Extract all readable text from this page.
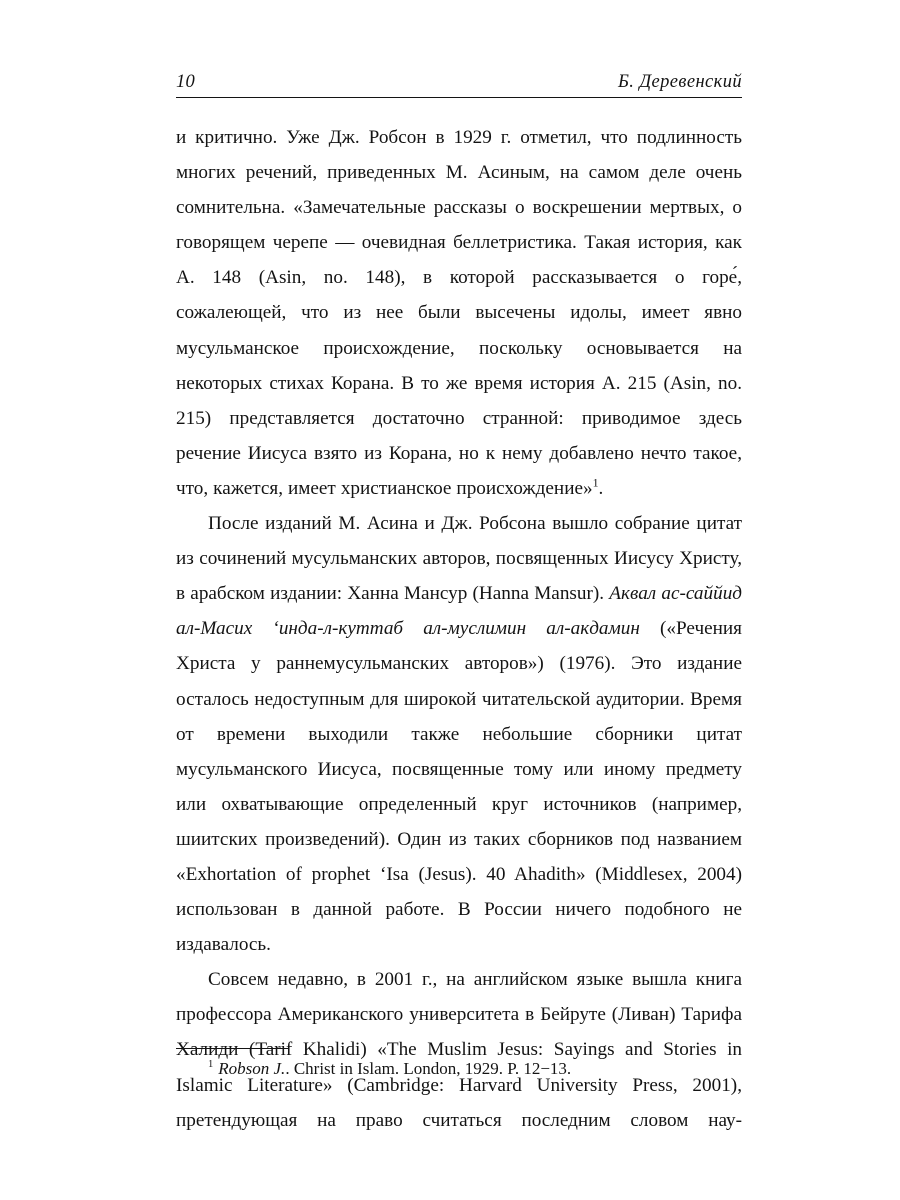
10	Б. Деревенский

и критично. Уже Дж. Робсон в 1929 г. отметил, что подлинность многих речений, приведенных М. Асиным, на самом деле очень сомнительна. «Замечательные рассказы о воскрешении мертвых, о говорящем черепе — очевидная беллетристика. Такая история, как А. 148 (Asin, no. 148), в которой рассказывается о горе́, сожалеющей, что из нее были высечены идолы, имеет явно мусульманское происхождение, поскольку основывается на некоторых стихах Корана. В то же время история А. 215 (Asin, no. 215) представляется достаточно странной: приводимое здесь речение Иисуса взято из Корана, но к нему добавлено нечто такое, что, кажется, имеет христианское происхождение»$^1$.

После изданий М. Асина и Дж. Робсона вышло собрание цитат из сочинений мусульманских авторов, посвященных Иисусу Христу, в арабском издании: Ханна Мансур (Hanna Mansur). Аквал ас-саййид ал-Масих ʻинда-л-куттаб ал-муслимин ал-акдамин («Речения Христа у раннемусульманских авторов») (1976). Это издание осталось недоступным для широкой читательской аудитории. Время от времени выходили также небольшие сборники цитат мусульманского Иисуса, посвященные тому или иному предмету или охватывающие определенный круг источников (например, шиитских произведений). Один из таких сборников под названием «Exhortation of prophet ʻIsa (Jesus). 40 Ahadith» (Middlesex, 2004) использован в данной работе. В России ничего подобного не издавалось.

Совсем недавно, в 2001 г., на английском языке вышла книга профессора Американского университета в Бейруте (Ливан) Тарифа Халиди (Tarif Khalidi) «The Muslim Jesus: Sayings and Stories in Islamic Literature» (Cambridge: Harvard University Press, 2001), претендующая на право считаться последним словом нау-

$^1$ Robson J.. Christ in Islam. London, 1929. P. 12−13.
